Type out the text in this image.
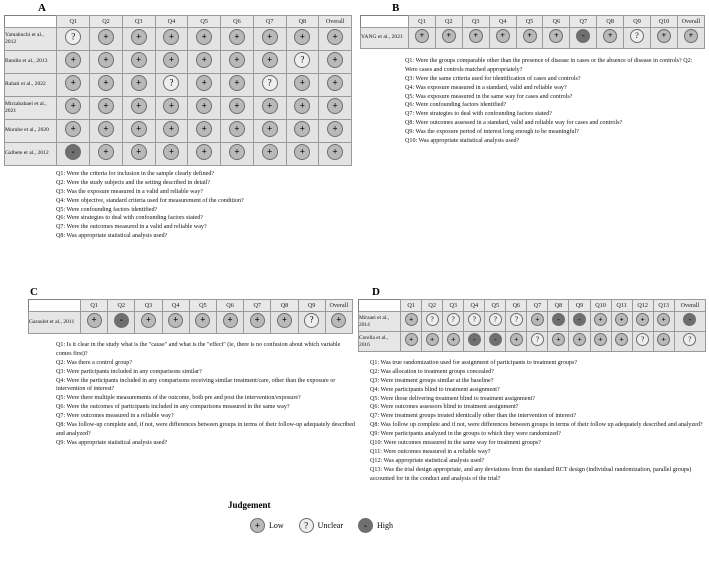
A
	Q1	Q2	Q3	Q4	Q5	Q6	Q7	Q8	Overall
Yamabuchi et al., 2012	?	+	+	+	+	+	+	+	+
Bandin et al., 2013	+	+	+	+	+	+	+	?	+
Rahati et al., 2022	+	+	+	?	+	+	?	+	+
Mirzababaei et al., 2021	+	+	+	+	+	+	+	+	+
Murube et al., 2020	+	+	+	+	+	+	+	+	+
Galbete et al., 2012	-	+	+	+	+	+	+	+	+
Q1: Were the criteria for inclusion in the sample clearly defined?
Q2: Were the study subjects and the setting described in detail?
Q3: Was the exposure measured in a valid and reliable way?
Q4: Were objective, standard criteria used for measurement of the condition?
Q5: Were confounding factors identified?
Q6: Were strategies to deal with confounding factors stated?
Q7: Were the outcomes measured in a valid and reliable way?
Q8: Was appropriate statistical analysis used?
B
	Q1	Q2	Q3	Q4	Q5	Q6	Q7	Q8	Q9	Q10	Overall
YANG et al., 2021	+	+	+	+	+	+	-	+	?	+	+
Q1: Were the groups comparable other than the presence of disease in cases or the absence of disease in controls? Q2: Were cases and controls matched appropriately?
Q3: Were the same criteria used for identification of cases and controls?
Q4: Was exposure measured in a standard, valid and reliable way?
Q5: Was exposure measured in the same way for cases and controls?
Q6: Were confounding factors identified?
Q7: Were strategies to deal with confounding factors stated?
Q8: Were outcomes assessed in a standard, valid and reliable way for cases and controls?
Q9: Was the exposure period of interest long enough to be meaningful?
Q10: Was appropriate statistical analysis used?
C
	Q1	Q2	Q3	Q4	Q5	Q6	Q7	Q8	Q9	Overall
Garaulet et al., 2011	+	-	+	+	+	+	+	+	?	+
Q1: Is it clear in the study what is the "cause" and what is the "effect" (ie, there is no confusion about which variable comes first)?
Q2: Was there a control group?
Q3: Were participants included in any comparisons similar?
Q4: Were the participants included in any comparisons receiving similar treatment/care, other than the exposure or intervention of interest?
Q5: Were there multiple measurements of the outcome, both pre and post the intervention/exposure?
Q6: Were the outcomes of participants included in any comparisons measured in the same way?
Q7: Were outcomes measured in a reliable way?
Q8: Was follow-up complete and, if not, were differences between groups in terms of their follow-up adequately described and analyzed?
Q9: Was appropriate statistical analysis used?
D
	Q1	Q2	Q3	Q4	Q5	Q6	Q7	Q8	Q9	Q10	Q11	Q12	Q13	Overall
Mirzaei et al., 2014	+	?	?	?	?	?	+	-	-	+	+	+	+	-
Corella et al., 2016	+	+	+	-	-	+	?	+	+	+	+	?	+	?
Q1: Was true randomization used for assignment of participants to treatment groups?
Q2: Was allocation to treatment groups concealed?
Q3: Were treatment groups similar at the baseline?
Q4: Were participants blind to treatment assignment?
Q5: Were those delivering treatment blind to treatment assignment?
Q6: Were outcomes assessors blind to treatment assignment?
Q7: Were treatment groups treated identically other than the intervention of interest?
Q8: Was follow up complete and if not, were differences between groups in terms of their follow up adequately described and analyzed?
Q9: Were participants analyzed in the groups to which they were randomized?
Q10: Were outcomes measured in the same way for treatment groups?
Q11: Were outcomes measured in a reliable way?
Q12: Was appropriate statistical analysis used?
Q13: Was the trial design appropriate, and any deviations from the standard RCT design (individual randomization, parallel groups) accounted for in the conduct and analysis of the trial?
Judgement
+
Low ?	Unclear -	High
